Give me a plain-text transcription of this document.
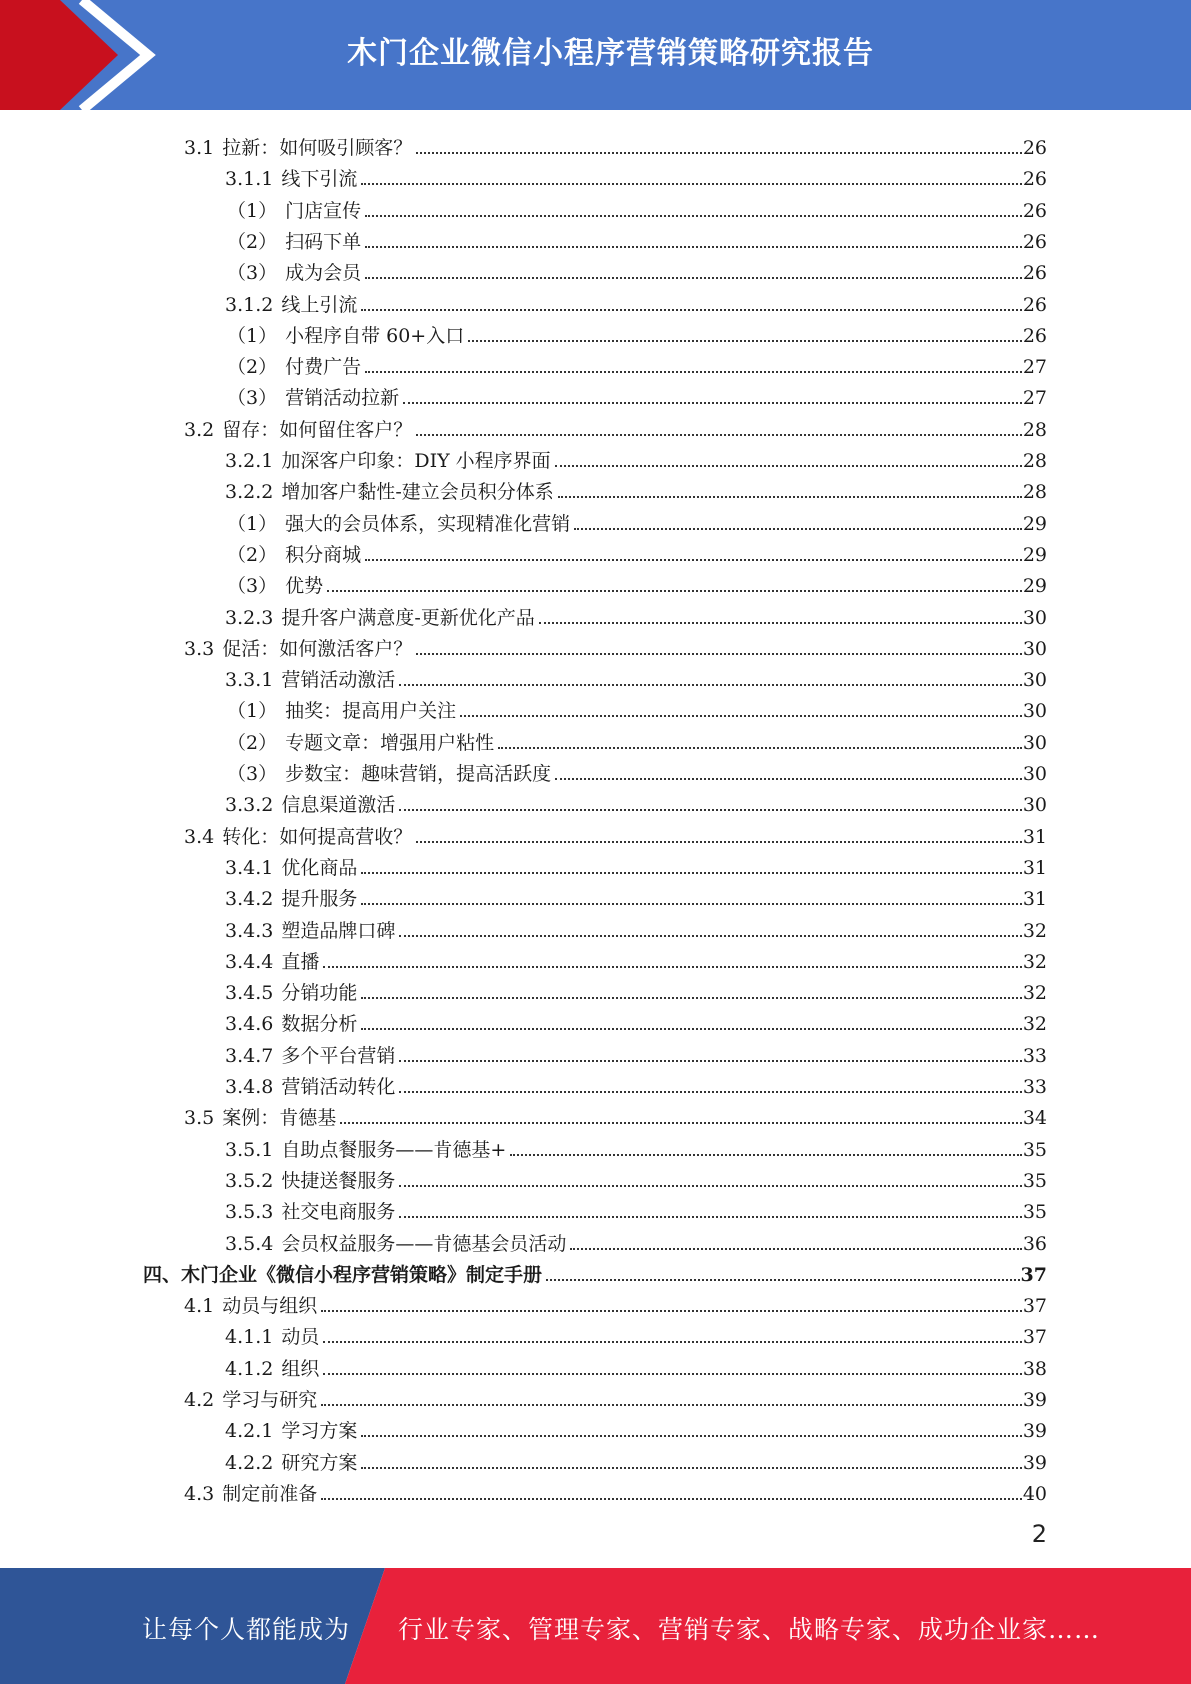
木门企业微信小程序营销策略研究报告
3.1 拉新：如何吸引顾客？	26
3.1.1 线下引流	26
（1） 门店宣传	26
（2） 扫码下单	26
（3） 成为会员	26
3.1.2 线上引流	26
（1） 小程序自带 60+入口	26
（2） 付费广告	27
（3） 营销活动拉新	27
3.2 留存：如何留住客户？	28
3.2.1 加深客户印象：DIY 小程序界面	28
3.2.2 增加客户黏性-建立会员积分体系	28
（1） 强大的会员体系，实现精准化营销	29
（2） 积分商城	29
（3） 优势	29
3.2.3 提升客户满意度-更新优化产品	30
3.3 促活：如何激活客户？	30
3.3.1 营销活动激活	30
（1） 抽奖：提高用户关注	30
（2） 专题文章：增强用户粘性	30
（3） 步数宝：趣味营销，提高活跃度	30
3.3.2 信息渠道激活	30
3.4 转化：如何提高营收？	31
3.4.1 优化商品	31
3.4.2 提升服务	31
3.4.3 塑造品牌口碑	32
3.4.4 直播	32
3.4.5 分销功能	32
3.4.6 数据分析	32
3.4.7 多个平台营销	33
3.4.8 营销活动转化	33
3.5 案例：肯德基	34
3.5.1 自助点餐服务——肯德基+	35
3.5.2 快捷送餐服务	35
3.5.3 社交电商服务	35
3.5.4 会员权益服务——肯德基会员活动	36
四、木门企业《微信小程序营销策略》制定手册	37
4.1 动员与组织	37
4.1.1 动员	37
4.1.2 组织	38
4.2 学习与研究	39
4.2.1 学习方案	39
4.2.2 研究方案	39
4.3 制定前准备	40
2
让每个人都能成为 行业专家、管理专家、营销专家、战略专家、成功企业家……
